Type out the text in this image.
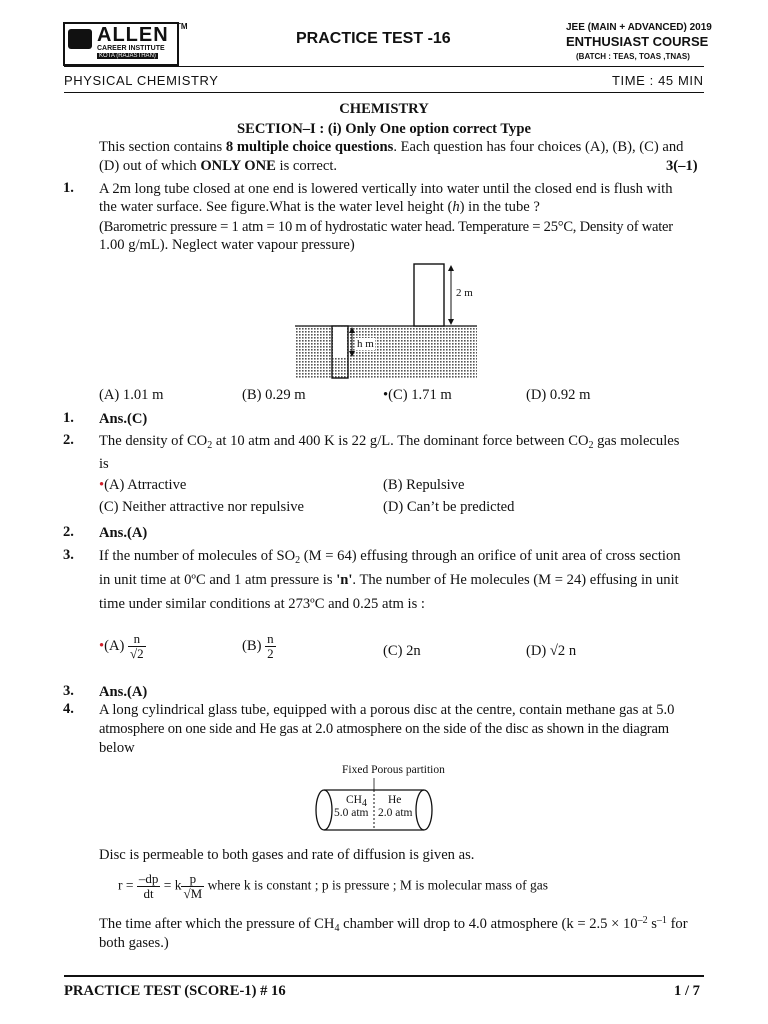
ALLEN
CAREER INSTITUTE
KOTA (RAJASTHAN)
TM
PRACTICE TEST -16
JEE (MAIN + ADVANCED) 2019
ENTHUSIAST COURSE
(BATCH : TEAS, TOAS ,TNAS)
PHYSICAL CHEMISTRY	TIME : 45 MIN
CHEMISTRY
SECTION–I : (i) Only One option correct Type
This section contains 8 multiple choice questions. Each question has four choices (A), (B), (C) and
(D) out of which ONLY ONE is correct.	3(–1)
1. A 2m long tube closed at one end is lowered vertically into water until the closed end is flush with
the water surface. See figure.What is the water level height (h) in the tube ?
(Barometric pressure = 1 atm = 10 m of hydrostatic water head. Temperature = 25°C, Density of water
1.00 g/mL). Neglect water vapour pressure)
2 m
h m
(A) 1.01 m	(B) 0.29 m	•(C) 1.71 m	(D) 0.92 m
1. Ans.(C)
2. The density of $CO_2$ at 10 atm and 400 K is 22 g/L. The dominant force between $CO_2$ gas molecules
is
•(A) Atrractive	(B) Repulsive
(C) Neither attractive nor repulsive	(D) Can’t be predicted
2. Ans.(A)
3. If the number of molecules of $SO_2$ (M = 64) effusing through an orifice of unit area of cross section
in unit time at 0ºC and 1 atm pressure is 'n'. The number of He molecules (M = 24) effusing in unit
time under similar conditions at 273ºC and 0.25 atm is :
•(A) $\frac{n}{√2}$	$(B) \frac{n}{2}$	(C) 2n	(D) √2 n
3. Ans.(A)
4. A long cylindrical glass tube, equipped with a porous disc at the centre, contain methane gas at 5.0
atmosphere on one side and He gas at 2.0 atmosphere on the side of the disc as shown in the diagram
below
Fixed Porous partition
$CH_4$ He
5.0 atm 2.0 atm
Disc is permeable to both gases and rate of diffusion is given as.
$r = \frac{-dp}{dt} = k \frac{p}{√M}$ where k is constant ; p is pressure ; M is molecular mass of gas
The time after which the pressure of $CH_4$ chamber will drop to 4.0 atmosphere ($k = 2.5 \times 10^{-2}$ $s^{-1}$ for
both gases.)
PRACTICE TEST (SCORE-1) # 16	1 / 7
